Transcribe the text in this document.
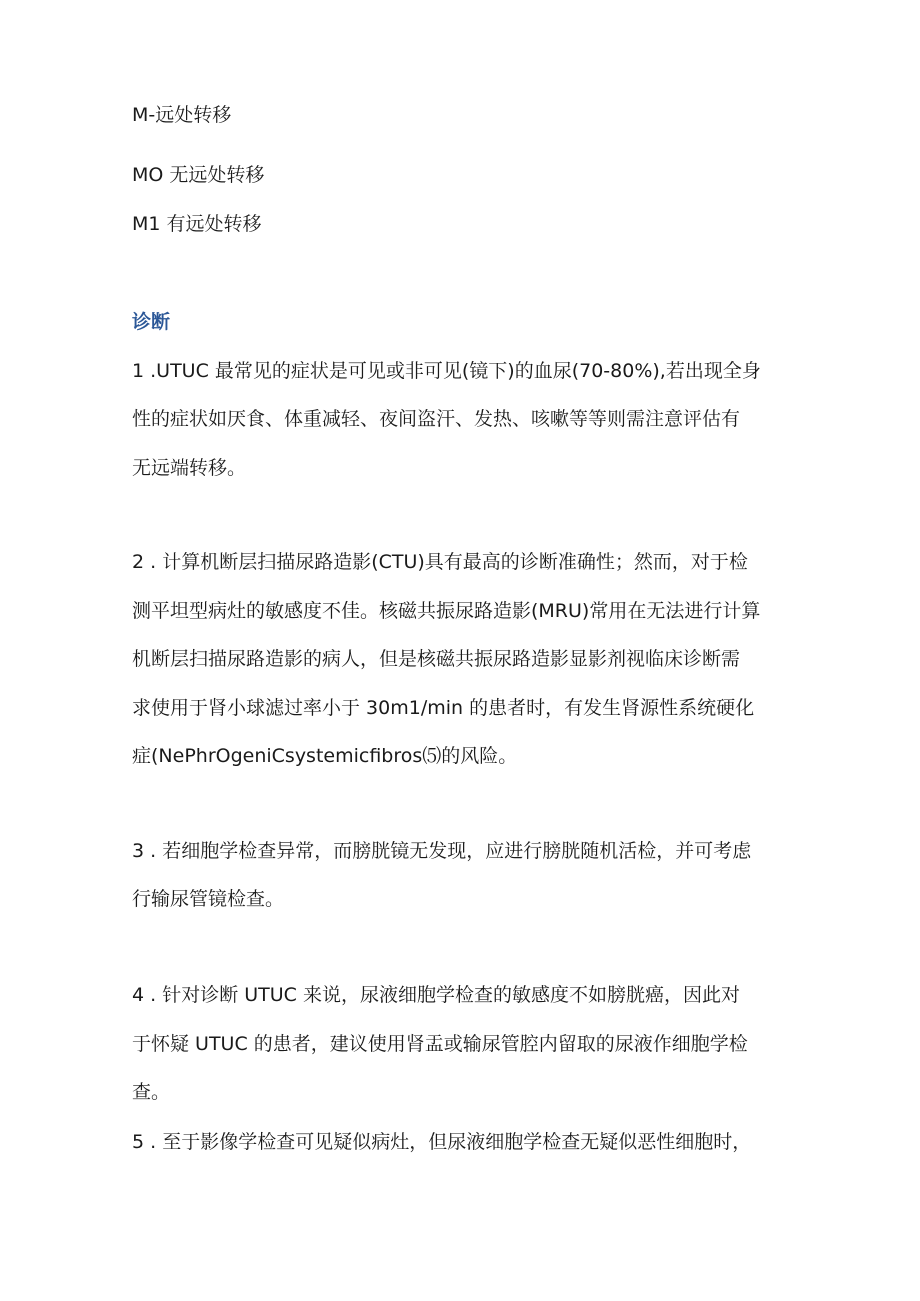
M-远处转移
MO 无远处转移
M1 有远处转移
诊断
1 .UTUC 最常见的症状是可见或非可见(镜下)的血尿(70-80%),若出现全身
性的症状如厌食、体重减轻、夜间盗汗、发热、咳嗽等等则需注意评估有
无远端转移。
2 . 计算机断层扫描尿路造影(CTU)具有最高的诊断准确性；然而，对于检
测平坦型病灶的敏感度不佳。核磁共振尿路造影(MRU)常用在无法进行计算
机断层扫描尿路造影的病人，但是核磁共振尿路造影显影剂视临床诊断需
求使用于肾小球滤过率小于 30m1∕min 的患者时，有发生肾源性系统硬化
症(NePhrOgeniCsystemicfibros⑸的风险。
3 . 若细胞学检查异常，而膀胱镜无发现，应进行膀胱随机活检，并可考虑
行输尿管镜检查。
4 . 针对诊断 UTUC 来说，尿液细胞学检查的敏感度不如膀胱癌，因此对
于怀疑 UTUC 的患者，建议使用肾盂或输尿管腔内留取的尿液作细胞学检
查。
5 . 至于影像学检查可见疑似病灶，但尿液细胞学检查无疑似恶性细胞时，
